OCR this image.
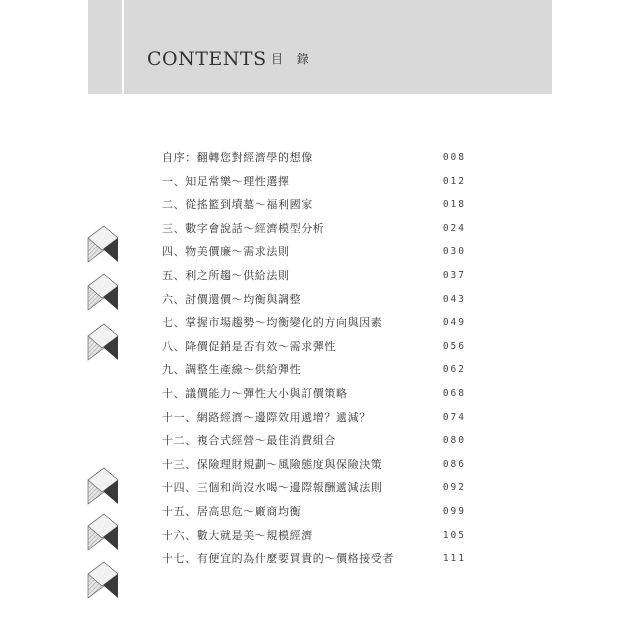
CONTENTS 目 錄
自序：翻轉您對經濟學的想像	008
一、知足常樂～理性選擇	012
二、從搖籃到墳墓～福利國家	018
三、數字會說話～經濟模型分析	024
四、物美價廉～需求法則	030
五、利之所趨～供給法則	037
六、討價還價～均衡與調整	043
七、掌握市場趨勢～均衡變化的方向與因素	049
八、降價促銷是否有效～需求彈性	056
九、調整生產線～供給彈性	062
十、議價能力～彈性大小與訂價策略	068
十一、網路經濟～邊際效用遞增？遞減？	074
十二、複合式經營～最佳消費組合	080
十三、保險理財規劃～風險態度與保險決策	086
十四、三個和尚沒水喝～邊際報酬遞減法則	092
十五、居高思危～廠商均衡	099
十六、數大就是美～規模經濟	105
十七、有便宜的為什麼要買貴的～價格接受者	111
